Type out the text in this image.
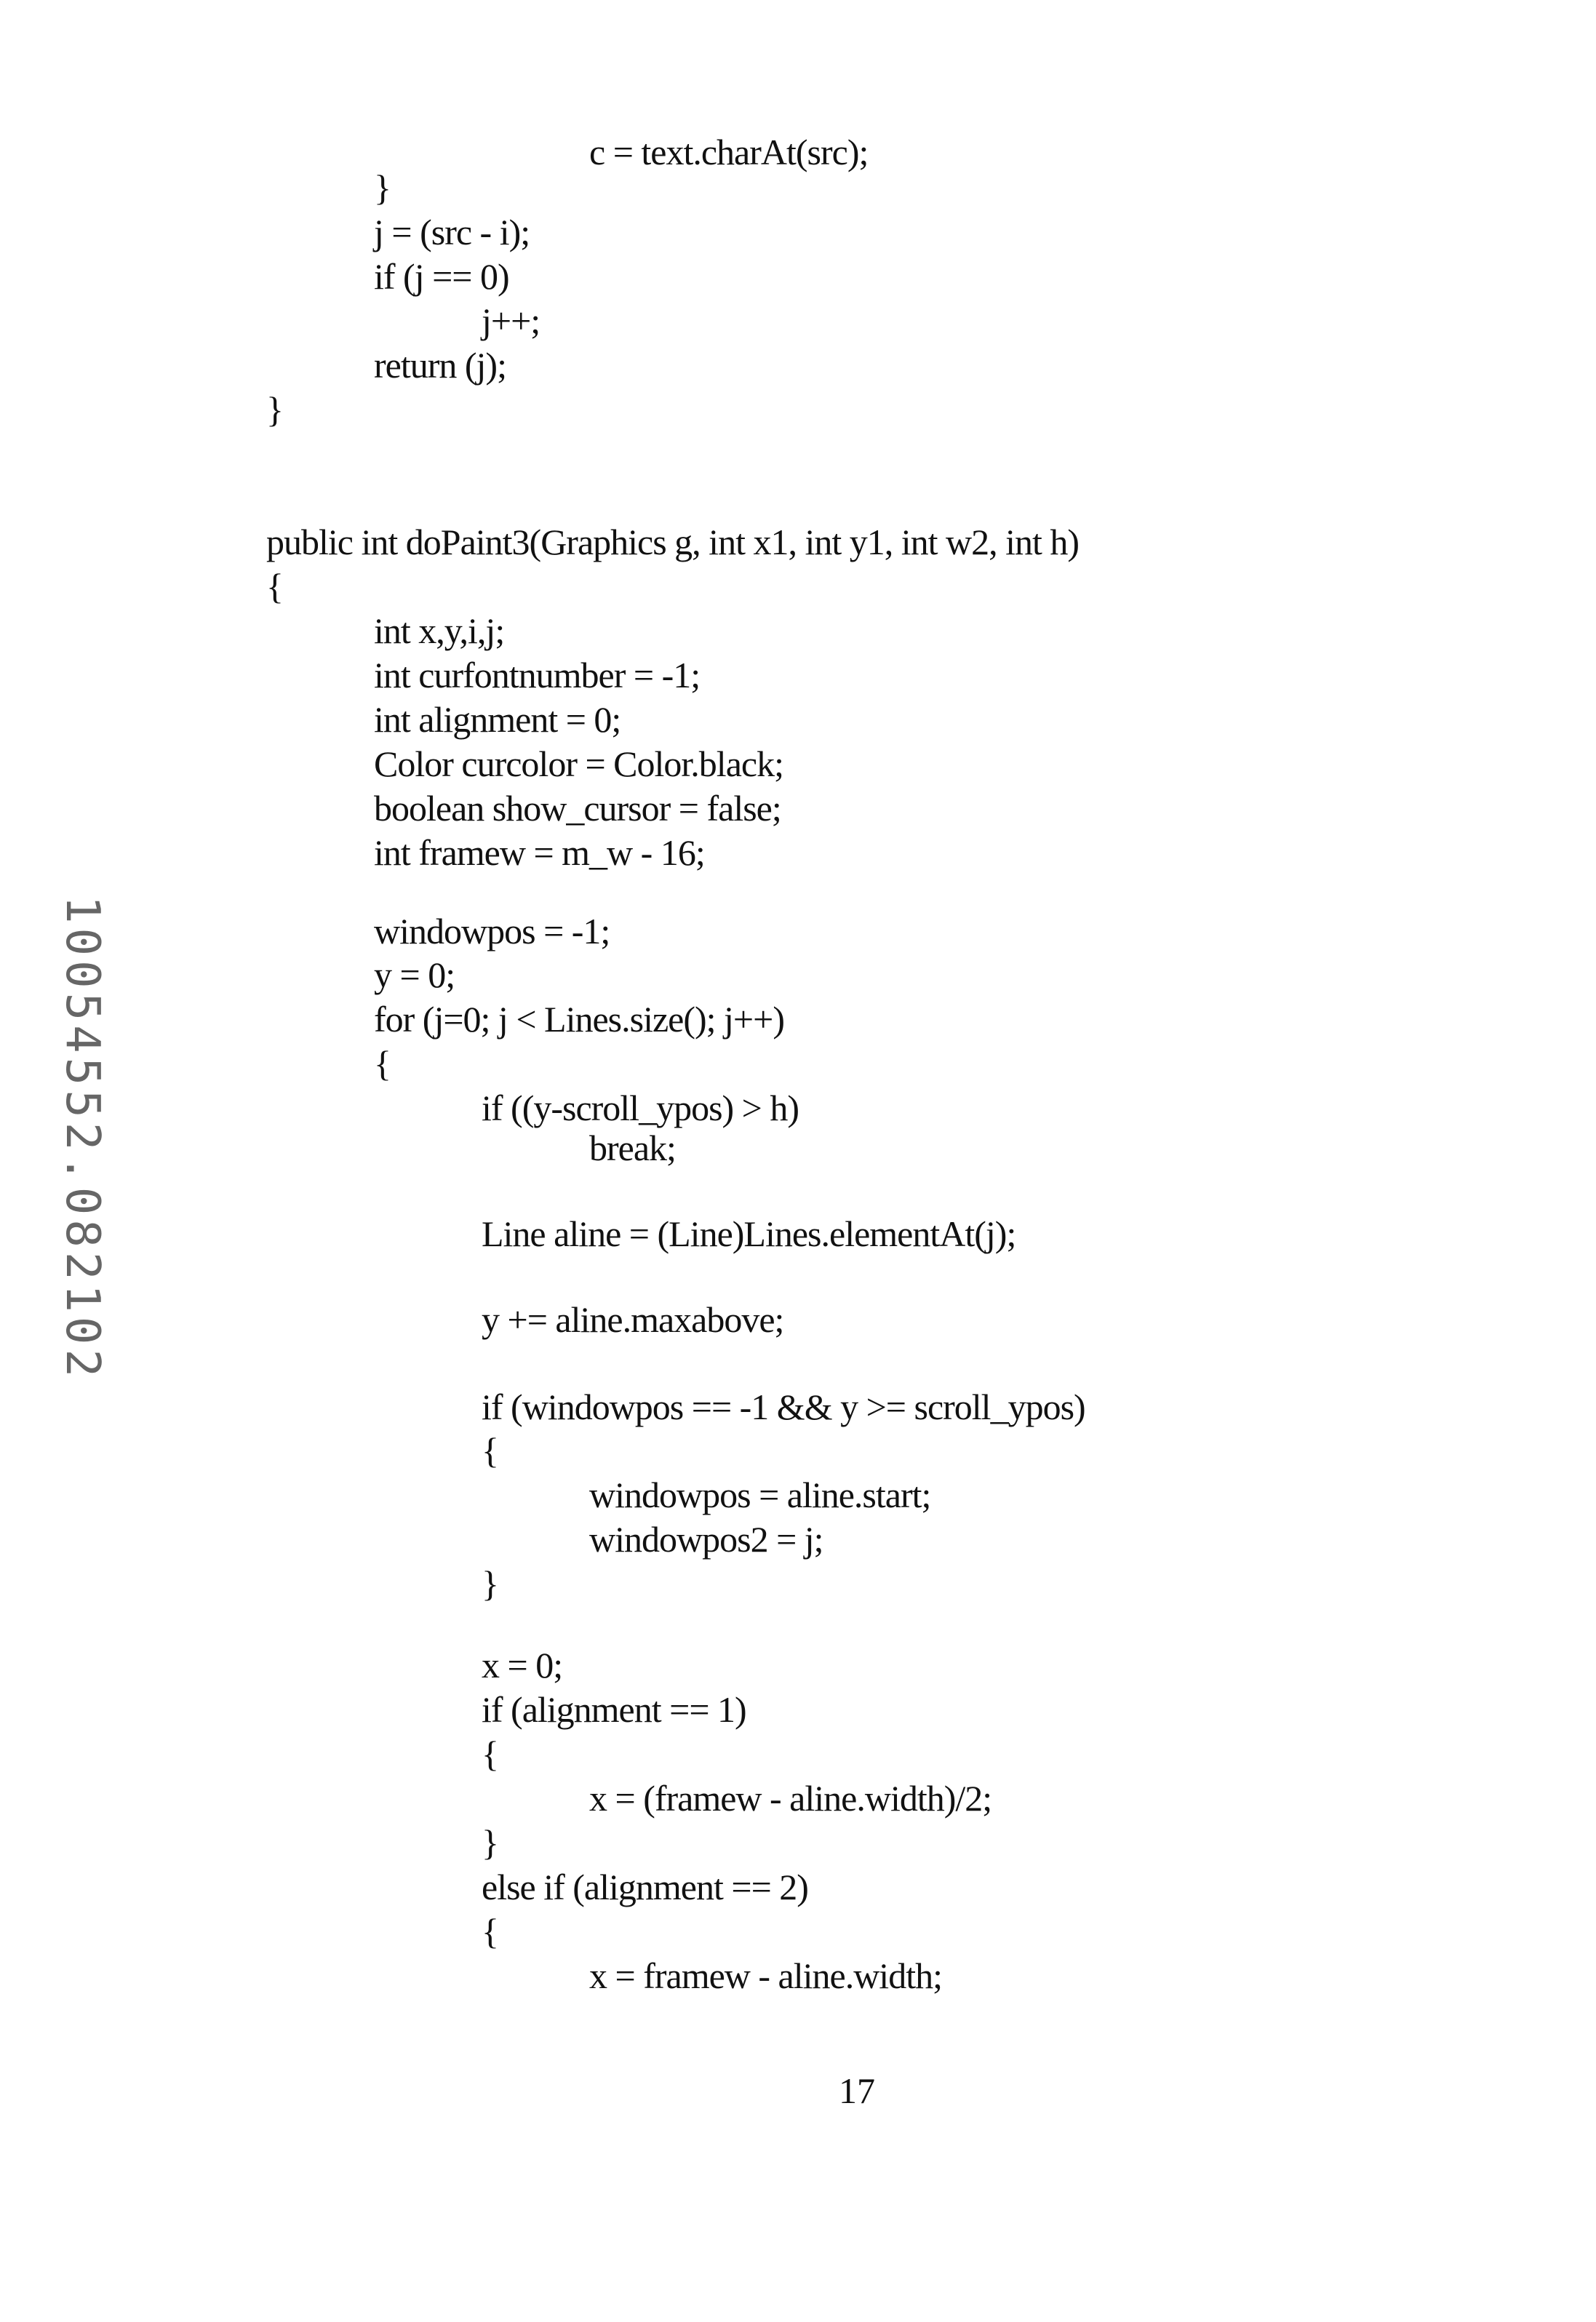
c = text.charAt(src);
}
j = (src - i);
if (j == 0)
j++;
return (j);
}
public int doPaint3(Graphics g, int x1, int y1, int w2, int h)
{
int x,y,i,j;
int curfontnumber = -1;
int alignment = 0;
Color curcolor = Color.black;
boolean show_cursor = false;
int framew = m_w - 16;
windowpos = -1;
y = 0;
for (j=0; j < Lines.size(); j++)
{
if ((y-scroll_ypos) > h)
break;
Line aline = (Line)Lines.elementAt(j);
y += aline.maxabove;
if (windowpos == -1 && y >= scroll_ypos)
{
windowpos = aline.start;
windowpos2 = j;
}
x = 0;
if (alignment == 1)
{
x = (framew - aline.width)/2;
}
else if (alignment == 2)
{
x = framew - aline.width;
17
10054552.082102
